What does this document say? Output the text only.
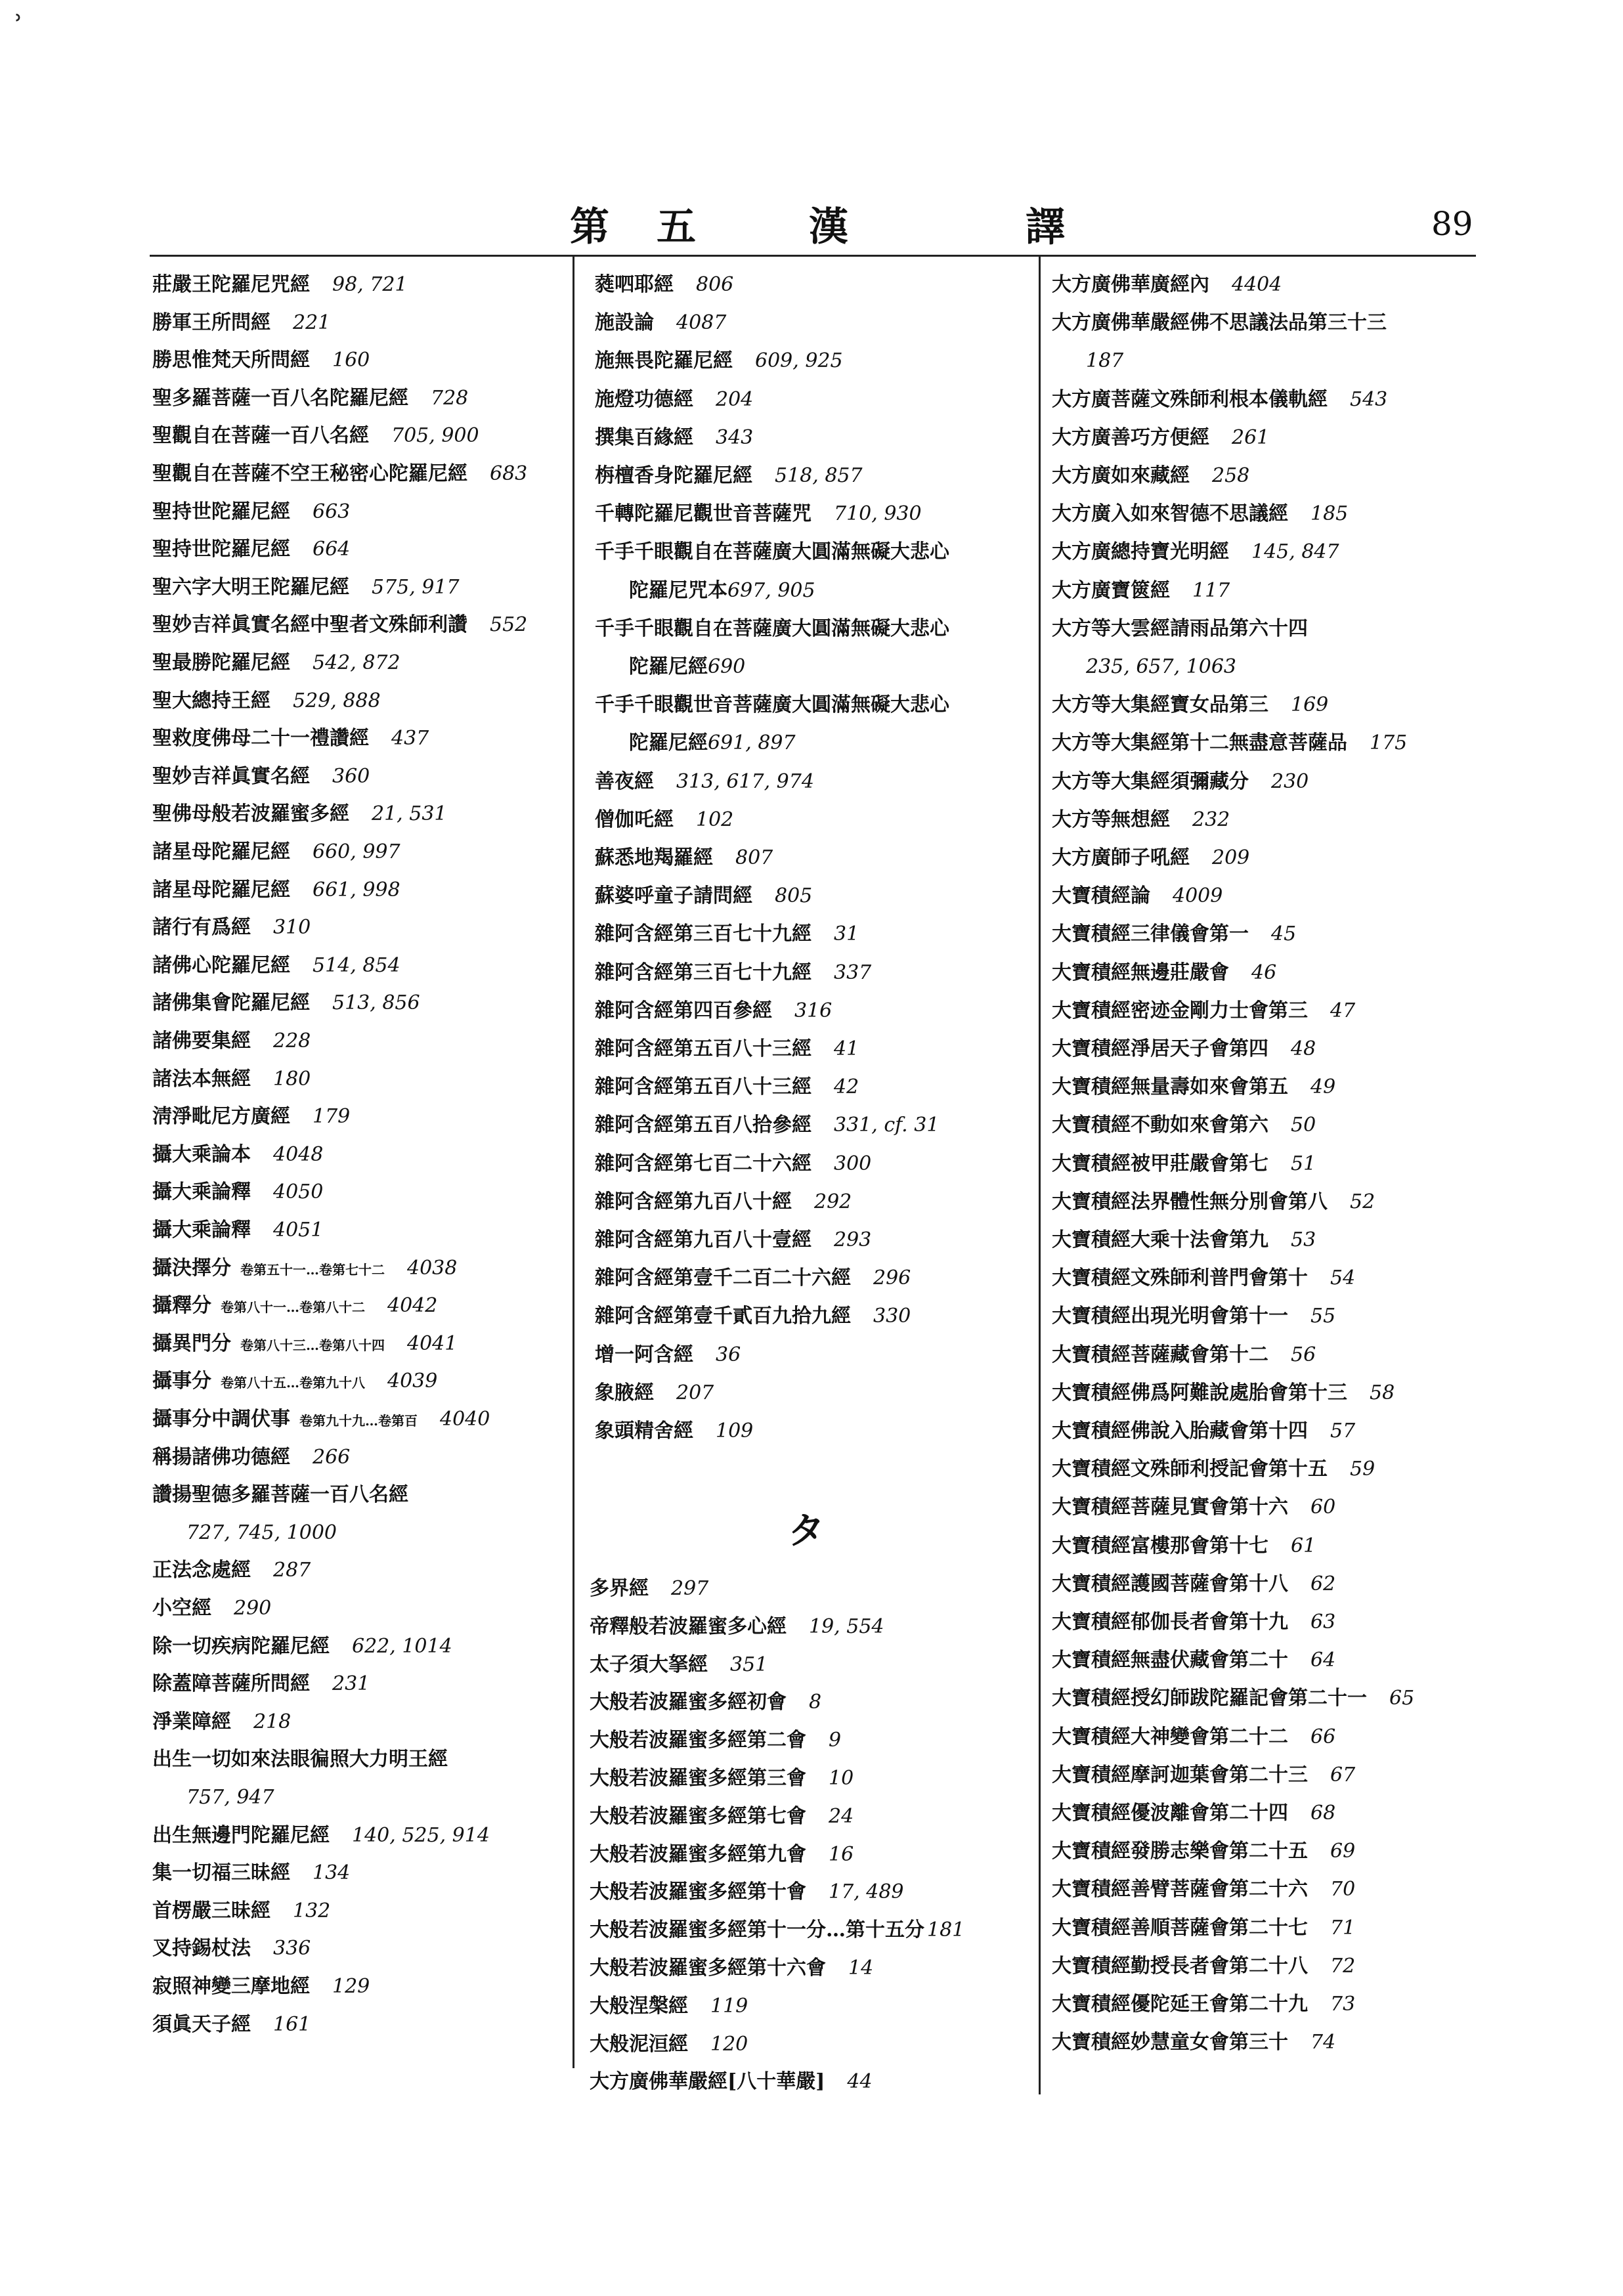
ʾ
第 五	漢	譯	89
莊嚴王陀羅尼咒經 98, 721
勝軍王所問經 221
勝思惟梵天所問經 160
聖多羅菩薩一百八名陀羅尼經 728
聖觀自在菩薩一百八名經 705, 900
聖觀自在菩薩不空王秘密心陀羅尼經 683
聖持世陀羅尼經 663
聖持世陀羅尼經 664
聖六字大明王陀羅尼經 575, 917
聖妙吉祥眞實名經中聖者文殊師利讚 552
聖最勝陀羅尼經 542, 872
聖大總持王經 529, 888
聖救度佛母二十一禮讚經 437
聖妙吉祥眞實名經 360
聖佛母般若波羅蜜多經 21, 531
諸星母陀羅尼經 660, 997
諸星母陀羅尼經 661, 998
諸行有爲經 310
諸佛心陀羅尼經 514, 854
諸佛集會陀羅尼經 513, 856
諸佛要集經 228
諸法本無經 180
淸淨毗尼方廣經 179
攝大乘論本 4048
攝大乘論釋 4050
攝大乘論釋 4051
攝決擇分 卷第五十一…卷第七十二 4038
攝釋分 卷第八十一…卷第八十二 4042
攝異門分 卷第八十三…卷第八十四 4041
攝事分 卷第八十五…卷第九十八 4039
攝事分中調伏事 卷第九十九…卷第百 4040
稱揚諸佛功德經 266
讚揚聖德多羅菩薩一百八名經
727, 745, 1000
正法念處經 287
小空經 290
除一切疾病陀羅尼經 622, 1014
除蓋障菩薩所問經 231
淨業障經 218
出生一切如來法眼徧照大力明王經
757, 947
出生無邊門陀羅尼經 140, 525, 914
集一切福三昧經 134
首楞嚴三昧經 132
叉持錫杖法 336
寂照神變三摩地經 129
須眞天子經 161
蕤呬耶經 806
施設論 4087
施無畏陀羅尼經 609, 925
施燈功德經 204
撰集百緣經 343
栴檀香身陀羅尼經 518, 857
千轉陀羅尼觀世音菩薩咒 710, 930
千手千眼觀自在菩薩廣大圓滿無礙大悲心
陀羅尼咒本697, 905
千手千眼觀自在菩薩廣大圓滿無礙大悲心
陀羅尼經690
千手千眼觀世音菩薩廣大圓滿無礙大悲心
陀羅尼經691, 897
善夜經 313, 617, 974
僧伽吒經 102
蘇悉地羯羅經 807
蘇婆呼童子請問經 805
雜阿含經第三百七十九經 31
雜阿含經第三百七十九經 337
雜阿含經第四百參經 316
雜阿含經第五百八十三經 41
雜阿含經第五百八十三經 42
雜阿含經第五百八拾參經 331, cf. 31
雜阿含經第七百二十六經 300
雜阿含經第九百八十經 292
雜阿含經第九百八十壹經 293
雜阿含經第壹千二百二十六經 296
雜阿含經第壹千貳百九拾九經 330
增一阿含經 36
象腋經 207
象頭精舍經 109
タ
多界經 297
帝釋般若波羅蜜多心經 19, 554
太子須大拏經 351
大般若波羅蜜多經初會 8
大般若波羅蜜多經第二會 9
大般若波羅蜜多經第三會 10
大般若波羅蜜多經第七會 24
大般若波羅蜜多經第九會 16
大般若波羅蜜多經第十會 17, 489
大般若波羅蜜多經第十一分…第十五分 181
大般若波羅蜜多經第十六會 14
大般涅槃經 119
大般泥洹經 120
大方廣佛華嚴經[八十華嚴] 44
大方廣佛華廣經內 4404
大方廣佛華嚴經佛不思議法品第三十三
187
大方廣菩薩文殊師利根本儀軌經 543
大方廣善巧方便經 261
大方廣如來藏經 258
大方廣入如來智德不思議經 185
大方廣總持寶光明經 145, 847
大方廣寶篋經 117
大方等大雲經請雨品第六十四
235, 657, 1063
大方等大集經寶女品第三 169
大方等大集經第十二無盡意菩薩品 175
大方等大集經須彌藏分 230
大方等無想經 232
大方廣師子吼經 209
大寶積經論 4009
大寶積經三律儀會第一 45
大寶積經無邊莊嚴會 46
大寶積經密迹金剛力士會第三 47
大寶積經淨居天子會第四 48
大寶積經無量壽如來會第五 49
大寶積經不動如來會第六 50
大寶積經被甲莊嚴會第七 51
大寶積經法界體性無分別會第八 52
大寶積經大乘十法會第九 53
大寶積經文殊師利普門會第十 54
大寶積經出現光明會第十一 55
大寶積經菩薩藏會第十二 56
大寶積經佛爲阿難說處胎會第十三 58
大寶積經佛說入胎藏會第十四 57
大寶積經文殊師利授記會第十五 59
大寶積經菩薩見實會第十六 60
大寶積經富樓那會第十七 61
大寶積經護國菩薩會第十八 62
大寶積經郁伽長者會第十九 63
大寶積經無盡伏藏會第二十 64
大寶積經授幻師跋陀羅記會第二十一 65
大寶積經大神變會第二十二 66
大寶積經摩訶迦葉會第二十三 67
大寶積經優波離會第二十四 68
大寶積經發勝志樂會第二十五 69
大寶積經善臂菩薩會第二十六 70
大寶積經善順菩薩會第二十七 71
大寶積經勤授長者會第二十八 72
大寶積經優陀延王會第二十九 73
大寶積經妙慧童女會第三十 74
